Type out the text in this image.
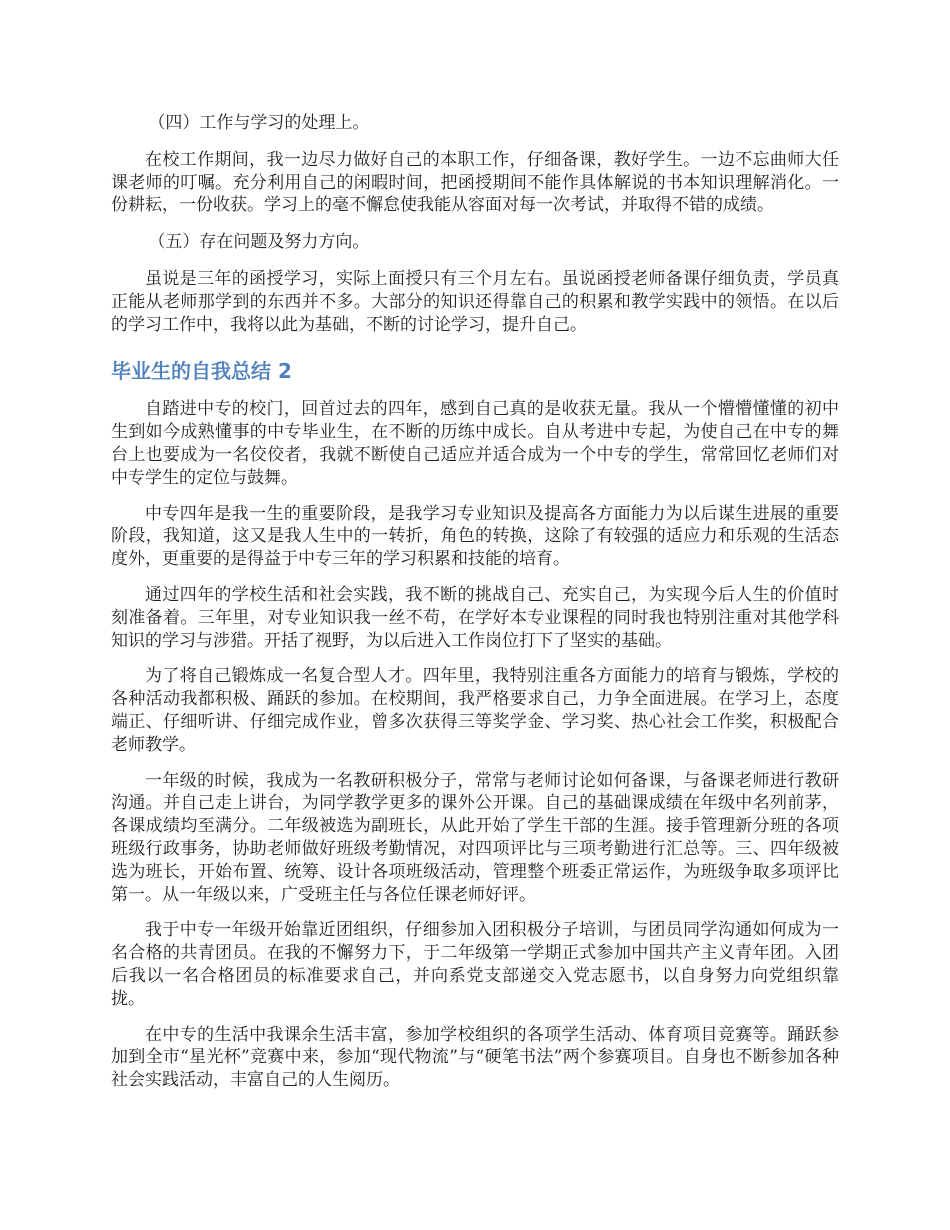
（四）工作与学习的处理上。

在校工作期间，我一边尽力做好自己的本职工作，仔细备课，教好学生。一边不忘曲师大任课老师的叮嘱。充分利用自己的闲暇时间，把函授期间不能作具体解说的书本知识理解消化。一份耕耘，一份收获。学习上的毫不懈怠使我能从容面对每一次考试，并取得不错的成绩。

（五）存在问题及努力方向。

虽说是三年的函授学习，实际上面授只有三个月左右。虽说函授老师备课仔细负责，学员真正能从老师那学到的东西并不多。大部分的知识还得靠自己的积累和教学实践中的领悟。在以后的学习工作中，我将以此为基础，不断的讨论学习，提升自己。

毕业生的自我总结 2

自踏进中专的校门，回首过去的四年，感到自己真的是收获无量。我从一个懵懵懂懂的初中生到如今成熟懂事的中专毕业生，在不断的历练中成长。自从考进中专起，为使自己在中专的舞台上也要成为一名佼佼者，我就不断使自己适应并适合成为一个中专的学生，常常回忆老师们对中专学生的定位与鼓舞。

中专四年是我一生的重要阶段，是我学习专业知识及提高各方面能力为以后谋生进展的重要阶段，我知道，这又是我人生中的一转折，角色的转换，这除了有较强的适应力和乐观的生活态度外，更重要的是得益于中专三年的学习积累和技能的培育。

通过四年的学校生活和社会实践，我不断的挑战自己、充实自己，为实现今后人生的价值时刻准备着。三年里，对专业知识我一丝不苟，在学好本专业课程的同时我也特别注重对其他学科知识的学习与涉猎。开括了视野，为以后进入工作岗位打下了坚实的基础。

为了将自己锻炼成一名复合型人才。四年里，我特别注重各方面能力的培育与锻炼，学校的各种活动我都积极、踊跃的参加。在校期间，我严格要求自己，力争全面进展。在学习上，态度端正、仔细听讲、仔细完成作业，曾多次获得三等奖学金、学习奖、热心社会工作奖，积极配合老师教学。

一年级的时候，我成为一名教研积极分子，常常与老师讨论如何备课，与备课老师进行教研沟通。并自己走上讲台，为同学教学更多的课外公开课。自己的基础课成绩在年级中名列前茅，各课成绩均至满分。二年级被选为副班长，从此开始了学生干部的生涯。接手管理新分班的各项班级行政事务，协助老师做好班级考勤情况，对四项评比与三项考勤进行汇总等。三、四年级被选为班长，开始布置、统筹、设计各项班级活动，管理整个班委正常运作，为班级争取多项评比第一。从一年级以来，广受班主任与各位任课老师好评。

我于中专一年级开始靠近团组织，仔细参加入团积极分子培训，与团员同学沟通如何成为一名合格的共青团员。在我的不懈努力下，于二年级第一学期正式参加中国共产主义青年团。入团后我以一名合格团员的标准要求自己，并向系党支部递交入党志愿书，以自身努力向党组织靠拢。

在中专的生活中我课余生活丰富，参加学校组织的各项学生活动、体育项目竞赛等。踊跃参加到全市“星光杯”竞赛中来，参加“现代物流”与“硬笔书法”两个参赛项目。自身也不断参加各种社会实践活动，丰富自己的人生阅历。
